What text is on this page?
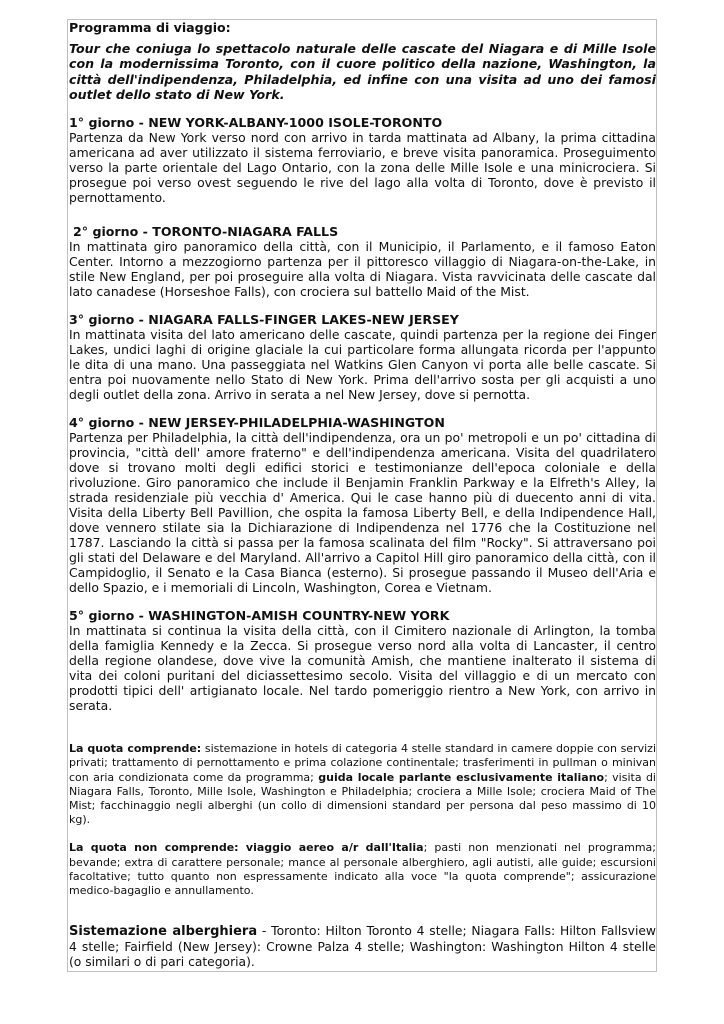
Programma di viaggio:

Tour che coniuga lo spettacolo naturale delle cascate del Niagara e di Mille Isole con la modernissima Toronto, con il cuore politico della nazione, Washington, la città dell'indipendenza, Philadelphia, ed infine con una visita ad uno dei famosi outlet dello stato di New York.

1° giorno - NEW YORK-ALBANY-1000 ISOLE-TORONTO

Partenza da New York verso nord con arrivo in tarda mattinata ad Albany, la prima cittadina americana ad aver utilizzato il sistema ferroviario, e breve visita panoramica. Proseguimento verso la parte orientale del Lago Ontario, con la zona delle Mille Isole e una minicrociera. Si prosegue poi verso ovest seguendo le rive del lago alla volta di Toronto, dove è previsto il pernottamento.

2° giorno - TORONTO-NIAGARA FALLS

In mattinata giro panoramico della città, con il Municipio, il Parlamento, e il famoso Eaton Center. Intorno a mezzogiorno partenza per il pittoresco villaggio di Niagara-on-the-Lake, in stile New England, per poi proseguire alla volta di Niagara. Vista ravvicinata delle cascate dal lato canadese (Horseshoe Falls), con crociera sul battello Maid of the Mist.

3° giorno - NIAGARA FALLS-FINGER LAKES-NEW JERSEY

In mattinata visita del lato americano delle cascate, quindi partenza per la regione dei Finger Lakes, undici laghi di origine glaciale la cui particolare forma allungata ricorda per l'appunto le dita di una mano. Una passeggiata nel Watkins Glen Canyon vi porta alle belle cascate. Si entra poi nuovamente nello Stato di New York. Prima dell'arrivo sosta per gli acquisti a uno degli outlet della zona. Arrivo in serata a nel New Jersey, dove si pernotta.

4° giorno - NEW JERSEY-PHILADELPHIA-WASHINGTON

Partenza per Philadelphia, la città dell'indipendenza, ora un po' metropoli e un po' cittadina di provincia, "città dell' amore fraterno" e dell'indipendenza americana. Visita del quadrilatero dove si trovano molti degli edifici storici e testimonianze dell'epoca coloniale e della rivoluzione. Giro panoramico che include il Benjamin Franklin Parkway e la Elfreth's Alley, la strada residenziale più vecchia d' America. Qui le case hanno più di duecento anni di vita. Visita della Liberty Bell Pavillion, che ospita la famosa Liberty Bell, e della Indipendence Hall, dove vennero stilate sia la Dichiarazione di Indipendenza nel 1776 che la Costituzione nel 1787. Lasciando la città si passa per la famosa scalinata del film "Rocky". Si attraversano poi gli stati del Delaware e del Maryland. All'arrivo a Capitol Hill giro panoramico della città, con il Campidoglio, il Senato e la Casa Bianca (esterno). Si prosegue passando il Museo dell'Aria e dello Spazio, e i memoriali di Lincoln, Washington, Corea e Vietnam.

5° giorno - WASHINGTON-AMISH COUNTRY-NEW YORK

In mattinata si continua la visita della città, con il Cimitero nazionale di Arlington, la tomba della famiglia Kennedy e la Zecca. Si prosegue verso nord alla volta di Lancaster, il centro della regione olandese, dove vive la comunità Amish, che mantiene inalterato il sistema di vita dei coloni puritani del diciassettesimo secolo. Visita del villaggio e di un mercato con prodotti tipici dell' artigianato locale. Nel tardo pomeriggio rientro a New York, con arrivo in serata.

La quota comprende: sistemazione in hotels di categoria 4 stelle standard in camere doppie con servizi privati; trattamento di pernottamento e prima colazione continentale; trasferimenti in pullman o minivan con aria condizionata come da programma; guida locale parlante esclusivamente italiano; visita di Niagara Falls, Toronto, Mille Isole, Washington e Philadelphia; crociera a Mille Isole; crociera Maid of The Mist; facchinaggio negli alberghi (un collo di dimensioni standard per persona dal peso massimo di 10 kg).

La quota non comprende: viaggio aereo a/r dall'Italia; pasti non menzionati nel programma; bevande; extra di carattere personale; mance al personale alberghiero, agli autisti, alle guide; escursioni facoltative; tutto quanto non espressamente indicato alla voce "la quota comprende"; assicurazione medico-bagaglio e annullamento.

Sistemazione alberghiera - Toronto: Hilton Toronto 4 stelle; Niagara Falls: Hilton Fallsview 4 stelle; Fairfield (New Jersey): Crowne Palza 4 stelle; Washington: Washington Hilton 4 stelle (o similari o di pari categoria).
